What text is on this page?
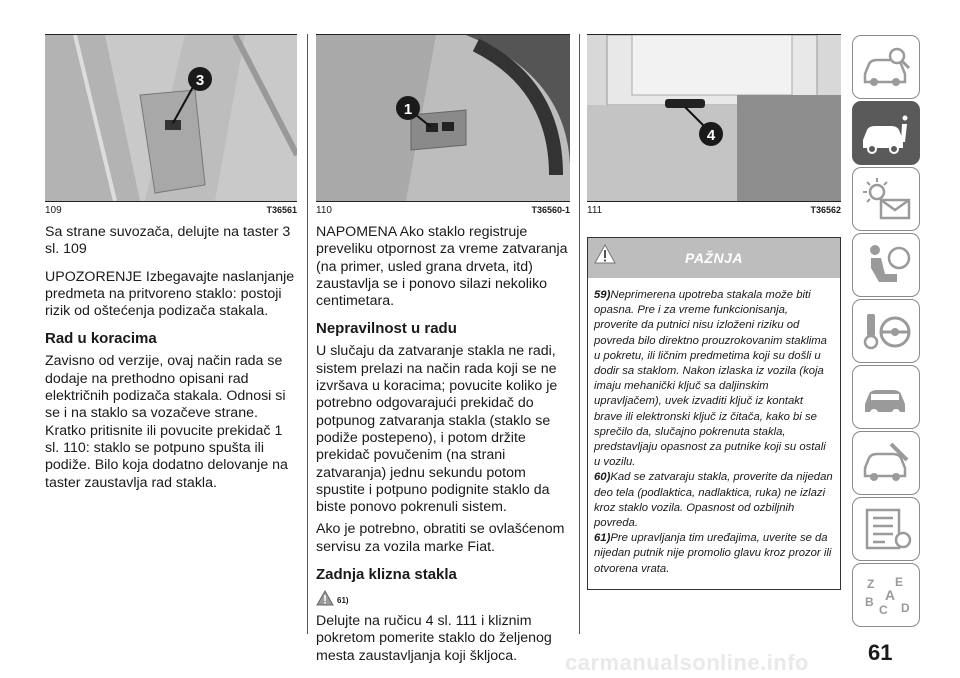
3
109	T36561

Sa strane suvozača, delujte na taster 3 sl. 109

UPOZORENJE Izbegavajte naslanjanje predmeta na pritvoreno staklo: postoji rizik od oštećenja podizača stakala.

Rad u koracima

Zavisno od verzije, ovaj način rada se dodaje na prethodno opisani rad električnih podizača stakala. Odnosi si se i na staklo sa vozačeve strane. Kratko pritisnite ili povucite prekidač 1 sl. 110: staklo se potpuno spušta ili podiže. Bilo koja dodatno delovanje na taster zaustavlja rad stakla.

1
110	T36560-1

NAPOMENA Ako staklo registruje preveliku otpornost za vreme zatvaranja (na primer, usled grana drveta, itd) zaustavlja se i ponovo silazi nekoliko centimetara.

Nepravilnost u radu

U slučaju da zatvaranje stakla ne radi, sistem prelazi na način rada koji se ne izvršava u koracima; povucite koliko je potrebno odgovarajući prekidač do potpunog zatvaranja stakla (staklo se podiže postepeno), i potom držite prekidač povučenim (na strani zatvaranja) jednu sekundu potom spustite i potpuno podignite staklo da biste ponovo pokrenuli sistem.

Ako je potrebno, obratiti se ovlašćenom servisu za vozila marke Fiat.

Zadnja klizna stakla
61)

Delujte na ručicu 4 sl. 111 i kliznim pokretom pomerite staklo do željenog mesta zaustavljanja koji škljoca.

4
111	T36562
PAŽNJA

59)Neprimerena upotreba stakala može biti opasna. Pre i za vreme funkcionisanja, proverite da putnici nisu izloženi riziku od povreda bilo direktno prouzrokovanim staklima u pokretu, ili ličnim predmetima koji su došli u dodir sa staklom. Nakon izlaska iz vozila (koja imaju mehanički ključ sa daljinskim upravljačem), uvek izvaditi ključ iz kontakt brave ili elektronski ključ iz čitača, kako bi se sprečilo da, slučajno pokrenuta stakla, predstavljaju opasnost za putnike koji su ostali u vozilu.

60)Kad se zatvaraju stakla, proverite da nijedan deo tela (podlaktica, nadlaktica, ruka) ne izlazi kroz staklo vozila. Opasnost od ozbiljnih povreda.

61)Pre upravljanja tim uređajima, uverite se da nijedan putnik nije promolio glavu kroz prozor ili otvorena vrata.

Z E
B
C D
A
61
carmanualsonline.info
